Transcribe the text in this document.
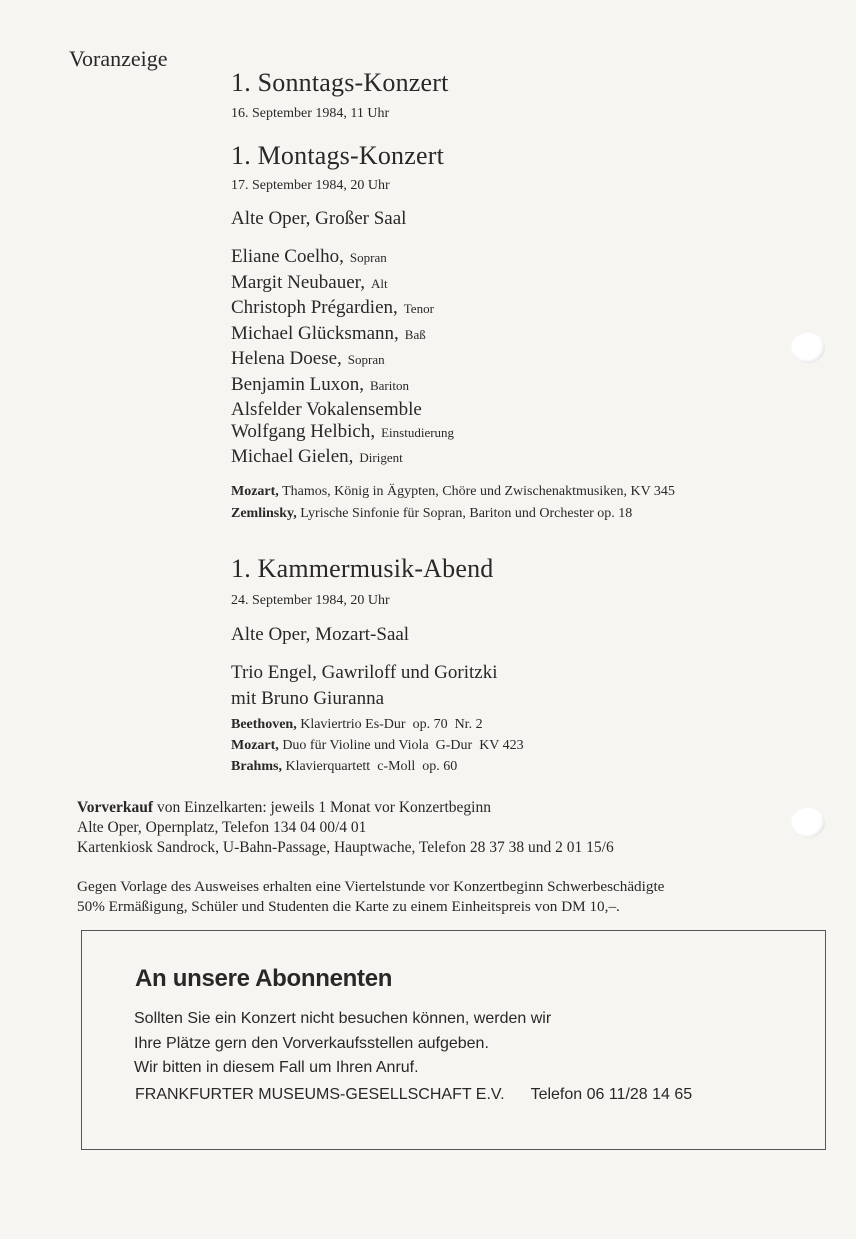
Voranzeige
1. Sonntags-Konzert
16. September 1984, 11 Uhr
1. Montags-Konzert
17. September 1984, 20 Uhr
Alte Oper, Großer Saal
Eliane Coelho, Sopran
Margit Neubauer, Alt
Christoph Prégardien, Tenor
Michael Glücksmann, Baß
Helena Doese, Sopran
Benjamin Luxon, Bariton
Alsfelder Vokalensemble
Wolfgang Helbich, Einstudierung
Michael Gielen, Dirigent
Mozart, Thamos, König in Ägypten, Chöre und Zwischenaktmusiken, KV 345
Zemlinsky, Lyrische Sinfonie für Sopran, Bariton und Orchester op. 18
1. Kammermusik-Abend
24. September 1984, 20 Uhr
Alte Oper, Mozart-Saal
Trio Engel, Gawriloff und Goritzki
mit Bruno Giuranna
Beethoven, Klaviertrio Es-Dur  op. 70  Nr. 2
Mozart, Duo für Violine und Viola  G-Dur  KV 423
Brahms, Klavierquartett  c-Moll  op. 60
Vorverkauf von Einzelkarten: jeweils 1 Monat vor Konzertbeginn
Alte Oper, Opernplatz, Telefon 134 04 00/4 01
Kartenkiosk Sandrock, U-Bahn-Passage, Hauptwache, Telefon 28 37 38 und 2 01 15/6
Gegen Vorlage des Ausweises erhalten eine Viertelstunde vor Konzertbeginn Schwerbeschädigte
50% Ermäßigung, Schüler und Studenten die Karte zu einem Einheitspreis von DM 10,–.
An unsere Abonnenten
Sollten Sie ein Konzert nicht besuchen können, werden wir
Ihre Plätze gern den Vorverkaufsstellen aufgeben.
Wir bitten in diesem Fall um Ihren Anruf.
FRANKFURTER MUSEUMS-GESELLSCHAFT E.V. Telefon 06 11/28 14 65
